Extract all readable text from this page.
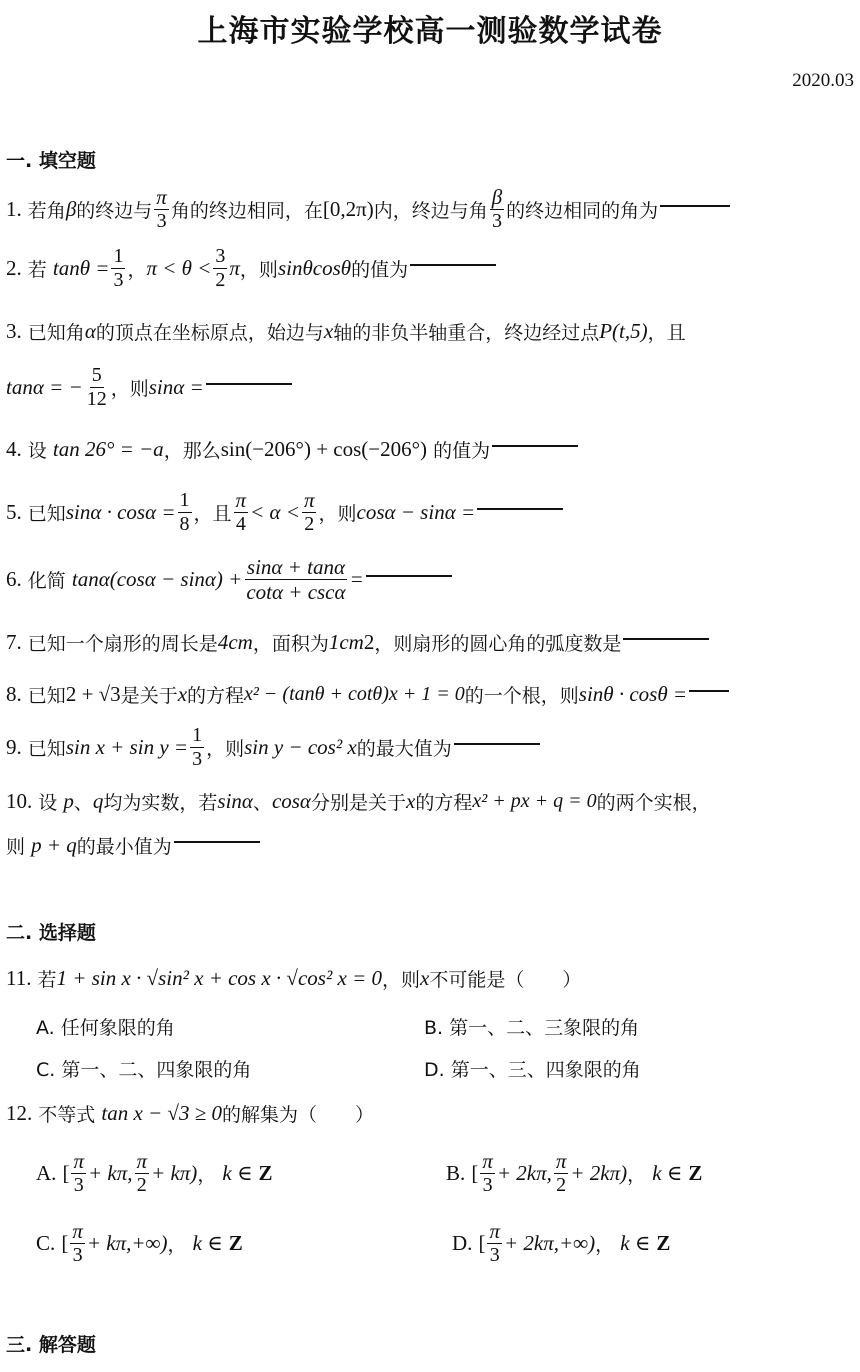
上海市实验学校高一测验数学试卷
2020.03
一. 填空题
1.
若角 β 的终边与 $\frac{\pi}{3}$ 角的终边相同，在 [0,2π) 内，终边与角 $\frac{\beta}{3}$ 的终边相同的角为
2.
若
$\tan\theta = \frac{1}{3}$ ， $\pi < \theta < \frac{3}{2}$ π ，则 sinθcosθ 的值为
3.
已知角 α 的顶点在坐标原点，始边与 x 轴的非负半轴重合，终边经过点 P(t,5) ，且
tanα = − $\frac{5}{12}$ ，则 sinα =
4.
设
tan 26° = −a ，那么 sin(−206°) + cos(−206°)
的值为
5.
已知 $\sin\alpha \cdot \cos\alpha = \frac{1}{8}$ ，且 $\frac{\pi}{4} < \alpha < \frac{\pi}{2}$ ，则 cosα − sinα =
6.
化简
$\tan\alpha(\cos\alpha - \sin\alpha) + \frac{\sin\alpha + \tan\alpha}{\cot\alpha + \csc\alpha}$ =
7.
已知一个扇形的周长是 4cm ，面积为 1cm 2 ，则扇形的圆心角的弧度数是
8.
已知 2 + √3 是关于 x 的方程 x² − (tanθ + cotθ)x + 1 = 0 的一个根，则 sinθ · cosθ =
9.
已知 $\sin x + \sin y = \frac{1}{3}$ ，则 sin y − cos² x 的最大值为
10.
设
p 、 q 均为实数，若 sinα 、 cosα 分别是关于 x 的方程 x² + px + q = 0 的两个实根，
则
p + q 的最小值为
二. 选择题
11.
若 1 + sin x · √sin² x + cos x · √cos² x = 0 ，则 x 不可能是（　　）
A. 任何象限的角	B. 第一、二、三象限的角
C. 第一、二、四象限的角	D. 第一、三、四象限的角
12.
不等式
tan x − √3 ≥ 0 的解集为（　　）
A.
[ $\frac{\pi}{3} + k\pi$, $\frac{\pi}{2} + k\pi$) ，
k ∈
Z	B.
[ $\frac{\pi}{3} + 2k\pi$, $\frac{\pi}{2} + 2k\pi$) ，
k ∈
Z
C.
[ $\frac{\pi}{3} + k\pi,+\infty$) ，
k ∈
Z	D.
[ $\frac{\pi}{3} + 2k\pi,+\infty$) ，
k ∈
Z
三. 解答题
